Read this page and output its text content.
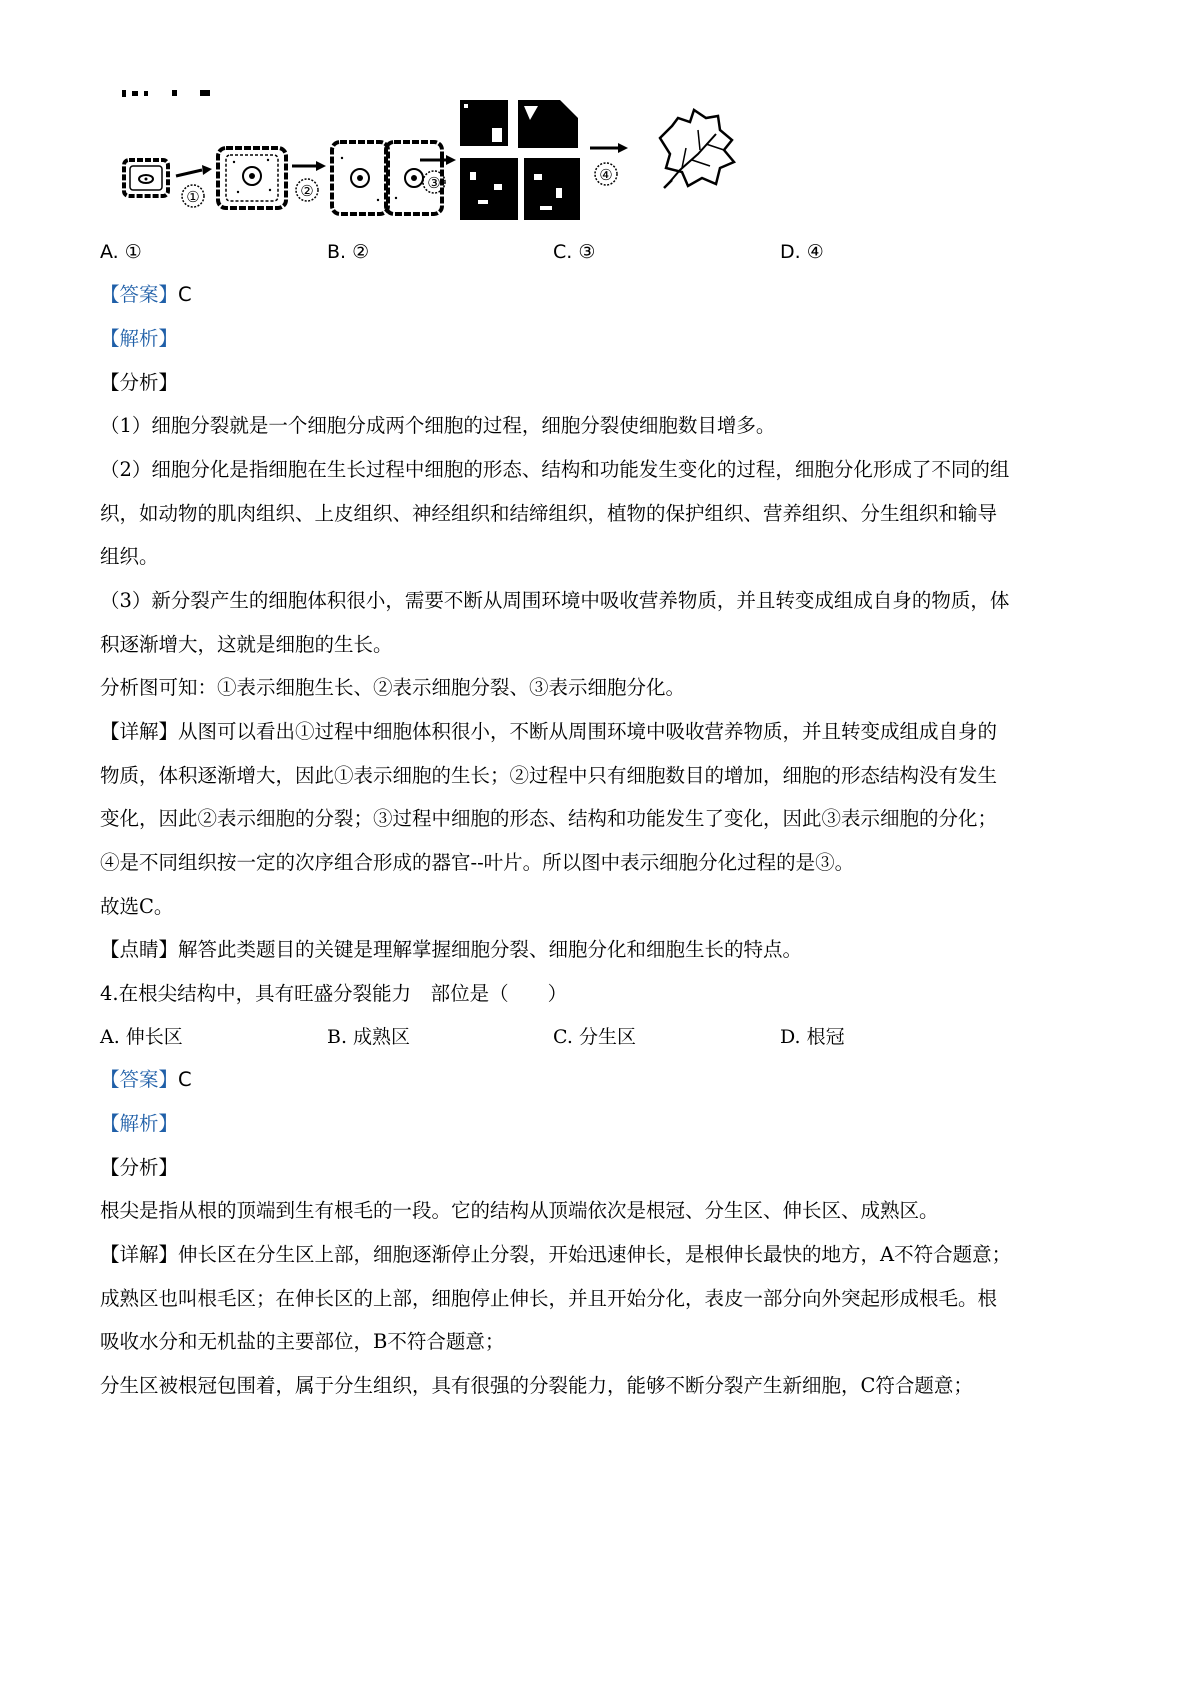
①	②	③	④
A. ①	B. ②	C. ③	D. ④
【答案】C
【解析】
【分析】
（1）细胞分裂就是一个细胞分成两个细胞的过程，细胞分裂使细胞数目增多。
（2）细胞分化是指细胞在生长过程中细胞的形态、结构和功能发生变化的过程，细胞分化形成了不同的组
织，如动物的肌肉组织、上皮组织、神经组织和结缔组织，植物的保护组织、营养组织、分生组织和输导
组织。
（3）新分裂产生的细胞体积很小，需要不断从周围环境中吸收营养物质，并且转变成组成自身的物质，体
积逐渐增大，这就是细胞的生长。
分析图可知：①表示细胞生长、②表示细胞分裂、③表示细胞分化。
【详解】从图可以看出①过程中细胞体积很小，不断从周围环境中吸收营养物质，并且转变成组成自身的
物质，体积逐渐增大，因此①表示细胞的生长；②过程中只有细胞数目的增加，细胞的形态结构没有发生
变化，因此②表示细胞的分裂；③过程中细胞的形态、结构和功能发生了变化，因此③表示细胞的分化；
④是不同组织按一定的次序组合形成的器官--叶片。所以图中表示细胞分化过程的是③。
故选C。
【点睛】解答此类题目的关键是理解掌握细胞分裂、细胞分化和细胞生长的特点。
4.在根尖结构中，具有旺盛分裂能力　部位是（　　）
A. 伸长区	B. 成熟区	C. 分生区	D. 根冠
【答案】C
【解析】
【分析】
根尖是指从根的顶端到生有根毛的一段。它的结构从顶端依次是根冠、分生区、伸长区、成熟区。
【详解】伸长区在分生区上部，细胞逐渐停止分裂，开始迅速伸长，是根伸长最快的地方，A不符合题意；
成熟区也叫根毛区；在伸长区的上部，细胞停止伸长，并且开始分化，表皮一部分向外突起形成根毛。根
吸收水分和无机盐的主要部位，B不符合题意；
分生区被根冠包围着，属于分生组织，具有很强的分裂能力，能够不断分裂产生新细胞，C符合题意；
